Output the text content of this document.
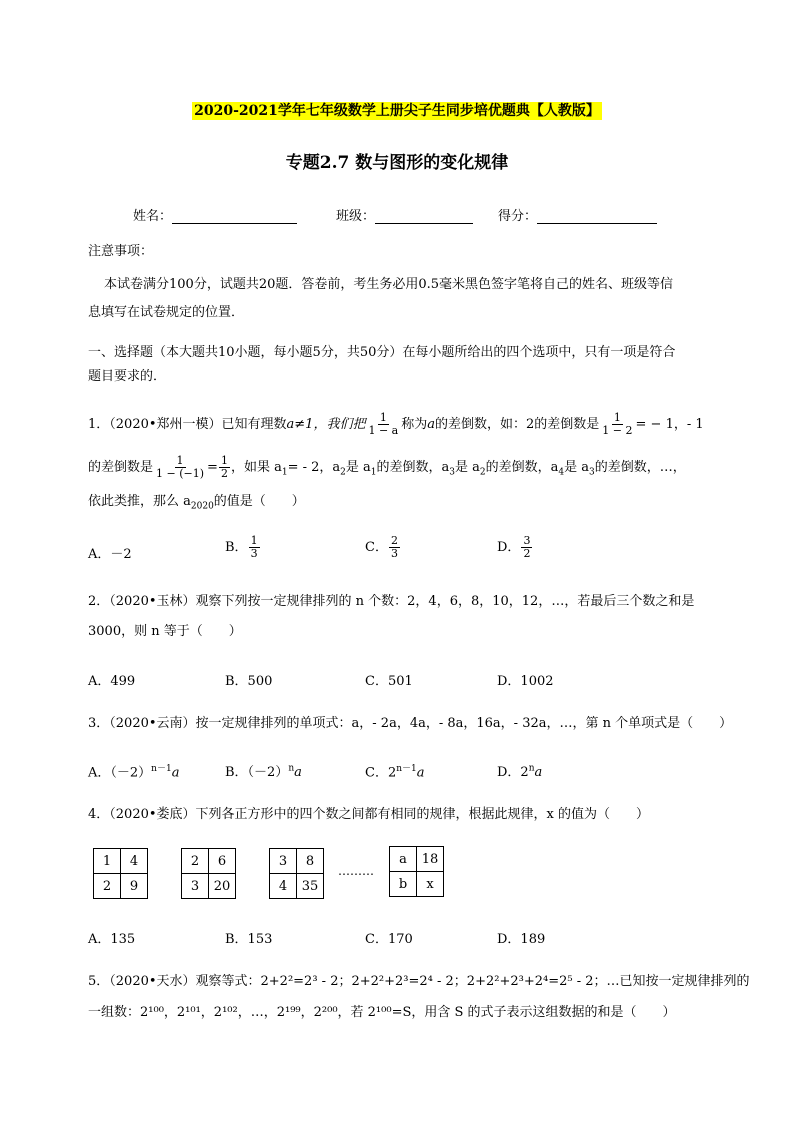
2020-2021学年七年级数学上册尖子生同步培优题典【人教版】
专题2.7 数与图形的变化规律
姓名：	班级：	得分：
注意事项：
本试卷满分100分，试题共20题．答卷前，考生务必用0.5毫米黑色签字笔将自己的姓名、班级等信
息填写在试卷规定的位置．
一、选择题（本大题共10小题，每小题5分，共50分）在每小题所给出的四个选项中，只有一项是符合
题目要求的．
1．（2020•郑州一模）已知有理数a≠1，我们把 $\frac{1}{1 - a}$ 称为a的差倒数，如：2的差倒数是 $\frac{1}{1 - 2}$ = − 1，- 1
的差倒数是 $\frac{1}{1 - (-1)} = \frac{1}{2}$ ，如果 $a_1= - 2$，$a_2$是 $a_1$的差倒数，$a_3$是 $a_2$的差倒数，$a_4$是 $a_3$的差倒数，…，
依此类推，那么 $a_{2020}$的值是（　　）
A．－2	B． $\frac{1}{3}$	C． $\frac{2}{3}$	D． $\frac{3}{2}$
2．（2020•玉林）观察下列按一定规律排列的 n 个数：2，4，6，8，10，12，…，若最后三个数之和是
3000，则 n 等于（　　）
A．499	B．500	C．501	D．1002
3．（2020•云南）按一定规律排列的单项式：a，- 2a，4a，- 8a，16a，- 32a，…，第 n 个单项式是（　　）
A．$(-2)^{n-1}a$	B．$(-2)^na$	C．$2^{n-1}a$	D．2$^n$a
4．（2020•娄底）下列各正方形中的四个数之间都有相同的规律，根据此规律，x 的值为（　　）
1	4
2	9
2	6
3	20
3	8
4	35
………
a	18
b	x
A．135	B．153	C．170	D．189
5．（2020•天水）观察等式：2+2²=2³ - 2；2+2²+2³=2⁴ - 2；2+2²+2³+2⁴=2⁵ - 2；…已知按一定规律排列的
一组数：2¹⁰⁰，2¹⁰¹，2¹⁰²，…，2¹⁹⁹，2²⁰⁰，若 2¹⁰⁰=S，用含 S 的式子表示这组数据的和是（　　）
